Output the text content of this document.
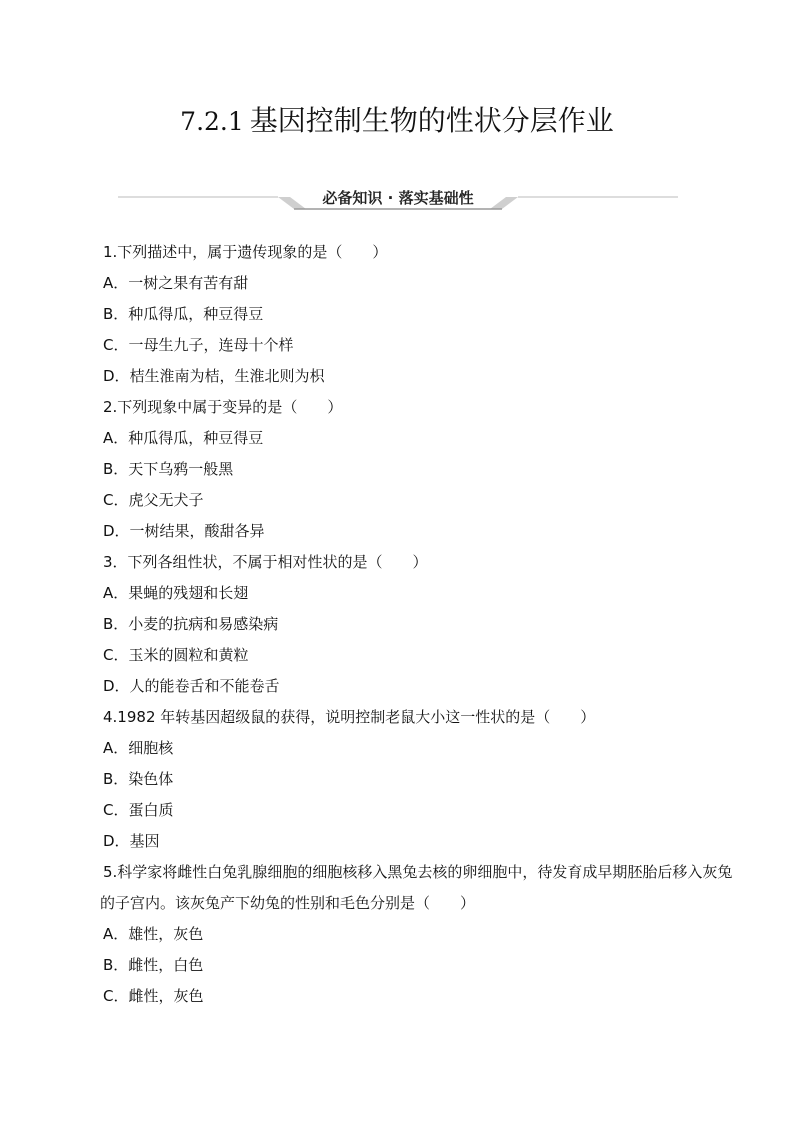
7.2.1 基因控制生物的性状分层作业
必备知识 · 落实基础性
1.下列描述中，属于遗传现象的是（　　）
A．一树之果有苦有甜
B．种瓜得瓜，种豆得豆
C．一母生九子，连母十个样
D．桔生淮南为桔，生淮北则为枳
2.下列现象中属于变异的是（　　）
A．种瓜得瓜，种豆得豆
B．天下乌鸦一般黑
C．虎父无犬子
D．一树结果，酸甜各异
3．下列各组性状，不属于相对性状的是（　　）
A．果蝇的残翅和长翅
B．小麦的抗病和易感染病
C．玉米的圆粒和黄粒
D．人的能卷舌和不能卷舌
4.1982 年转基因超级鼠的获得，说明控制老鼠大小这一性状的是（　　）
A．细胞核
B．染色体
C．蛋白质
D．基因
5.科学家将雌性白兔乳腺细胞的细胞核移入黑兔去核的卵细胞中，待发育成早期胚胎后移入灰兔的子宫内。该灰兔产下幼兔的性别和毛色分别是（　　）
A．雄性，灰色
B．雌性，白色
C．雌性，灰色
